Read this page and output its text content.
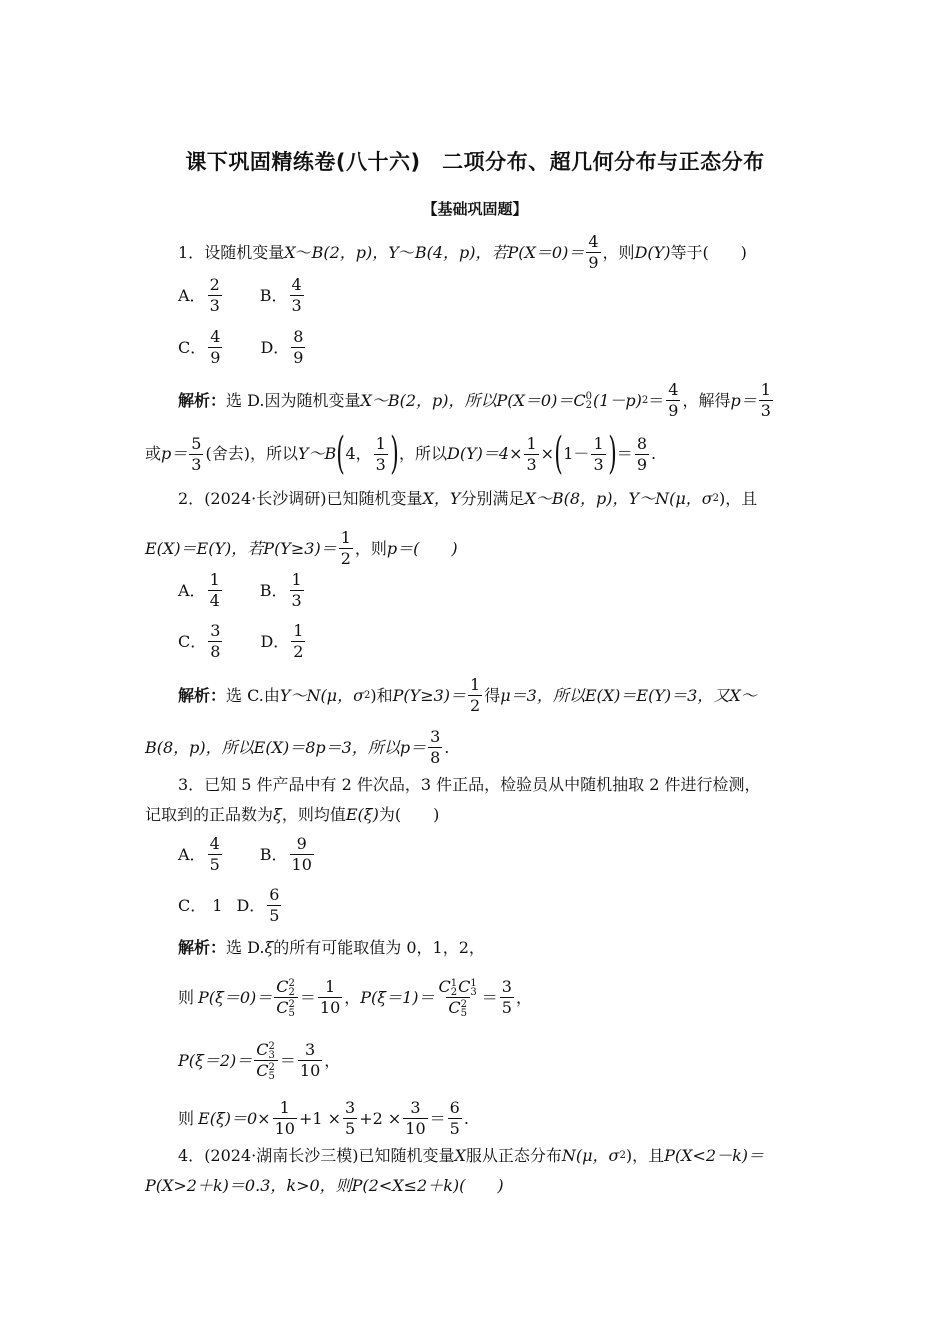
课下巩固精练卷(八十六)　二项分布、超几何分布与正态分布
【基础巩固题】
1． 设随机变量 X ～ B(2，p)， Y ～ B(4，p)，若 $P(X=0)= \frac{4}{9}$ ，则 D(Y) 等于(　　)
A． $\frac{2}{3}$ B． $\frac{4}{3}$
C． $\frac{4}{9}$ D． $\frac{8}{9}$
解析： 选 D.因为随机变量 X～B(2，p)，所以 P(X＝0)＝C 0
2 (1－p) $2 = \frac{4}{9}$ ，解得 $p= \frac{1}{3}$
或 $p= \frac{5}{3}$ (舍去)，所以 Y～B ( 4， $\frac{1}{3}$ ) ，所以 $D(Y)=4\times \frac{1}{3}$ × ( $1- \frac{1}{3}$ ) ＝ $\frac{8}{9}$ .
2． (2024·长沙调研)已知随机变量 X，Y 分别满足 X～B(8，p)，Y～N(μ，σ 2 )，且
E(X)＝E(Y)，若 $P(Y\ge 3)= \frac{1}{2}$ ，则 p＝(　　)
A． $\frac{1}{4}$ B． $\frac{1}{3}$
C． $\frac{3}{8}$ D． $\frac{1}{2}$
解析： 选 C.由 Y～N(μ，σ 2 )和 $P(Y\ge 3)= \frac{1}{2}$ 得 μ＝3，所以 E(X)＝E(Y)＝3，又 X～
B(8，p)，所以 E(X)＝8p＝3，所以 $p= \frac{3}{8}$ .
3． 已知 5 件产品中有 2 件次品，3 件正品，检验员从中随机抽取 2 件进行检测，
记取到的正品数为 ξ ，则均值 E(ξ) 为(　　)
A． $\frac{4}{5}$ B． $\frac{9}{10}$
C． 1 D． $\frac{6}{5}$
解析： 选 D. ξ 的所有可能取值为 0，1，2，
则 P(ξ＝0)＝ C 2
2
C 2
$5 = \frac{1}{10}$ ， P(ξ＝1)＝ C 1
2 C 1
3
C 2
$5 = \frac{3}{5}$ ，
P(ξ＝2)＝ C 2
3
C 2
$5 = \frac{3}{10}$ ，
则 $E(\xi)=0\times \frac{1}{10} +1 \times \frac{3}{5} +2 \times \frac{3}{10} = \frac{6}{5}$ .
4． (2024·湖南长沙三模)已知随机变量 X 服从正态分布 N(μ，σ 2 )，且 P(X<2－k)＝
P(X>2＋k)＝0.3，k>0，则 P(2<X≤2＋k)(　　)
